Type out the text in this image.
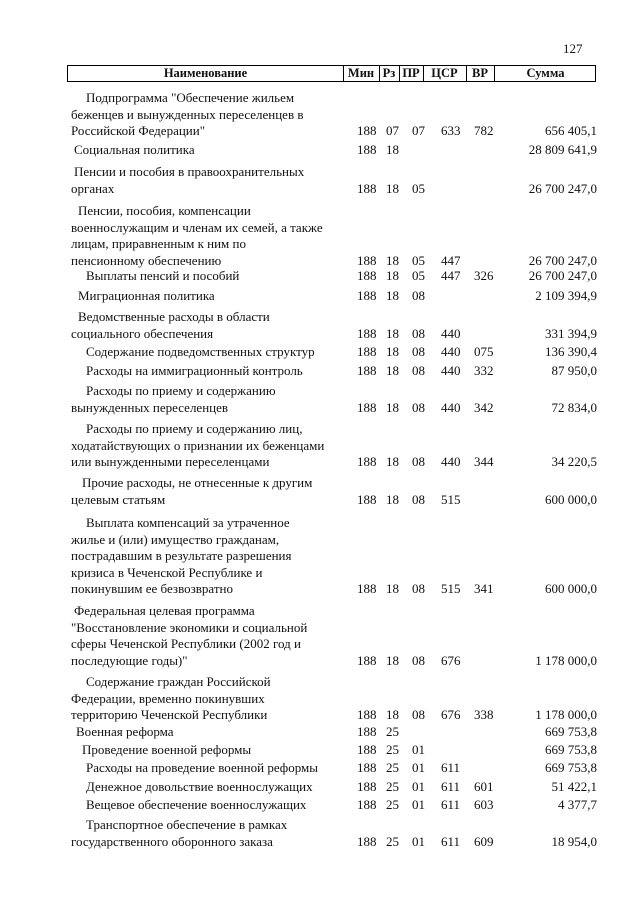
127
Наименование	Мин Рз ПР ЦСР	ВР	Сумма
Подпрограмма "Обеспечение жильем
беженцев и вынужденных переселенцев в
Российской Федерации"	188 07 07 633 782	656 405,1
Социальная политика	188 18	28 809 641,9
Пенсии и пособия в правоохранительных
органах	188 18 05	26 700 247,0
Пенсии, пособия, компенсации
военнослужащим и членам их семей, а также
лицам, приравненным к ним по
пенсионному обеспечению	188 18 05 447	26 700 247,0
Выплаты пенсий и пособий	188 18 05 447 326	26 700 247,0
Миграционная политика	188 18 08	2 109 394,9
Ведомственные расходы в области
социального обеспечения	188 18 08 440	331 394,9
Содержание подведомственных структур	188 18 08 440 075	136 390,4
Расходы на иммиграционный контроль	188 18 08 440 332	87 950,0
Расходы по приему и содержанию
вынужденных переселенцев	188 18 08 440 342	72 834,0
Расходы по приему и содержанию лиц,
ходатайствующих о признании их беженцами
или вынужденными переселенцами	188 18 08 440 344	34 220,5
Прочие расходы, не отнесенные к другим
целевым статьям	188 18 08 515	600 000,0
Выплата компенсаций за утраченное
жилье и (или) имущество гражданам,
пострадавшим в результате разрешения
кризиса в Чеченской Республике и
покинувшим ее безвозвратно	188 18 08 515 341	600 000,0
Федеральная целевая программа
"Восстановление экономики и социальной
сферы Чеченской Республики (2002 год и
последующие годы)"	188 18 08 676	1 178 000,0
Содержание граждан Российской
Федерации, временно покинувших
территорию Чеченской Республики	188 18 08 676 338	1 178 000,0
Военная реформа	188 25	669 753,8
Проведение военной реформы	188 25 01	669 753,8
Расходы на проведение военной реформы	188 25 01 611	669 753,8
Денежное довольствие военнослужащих	188 25 01 611 601	51 422,1
Вещевое обеспечение военнослужащих	188 25 01 611 603	4 377,7
Транспортное обеспечение в рамках
государственного оборонного заказа	188 25 01 611 609	18 954,0
